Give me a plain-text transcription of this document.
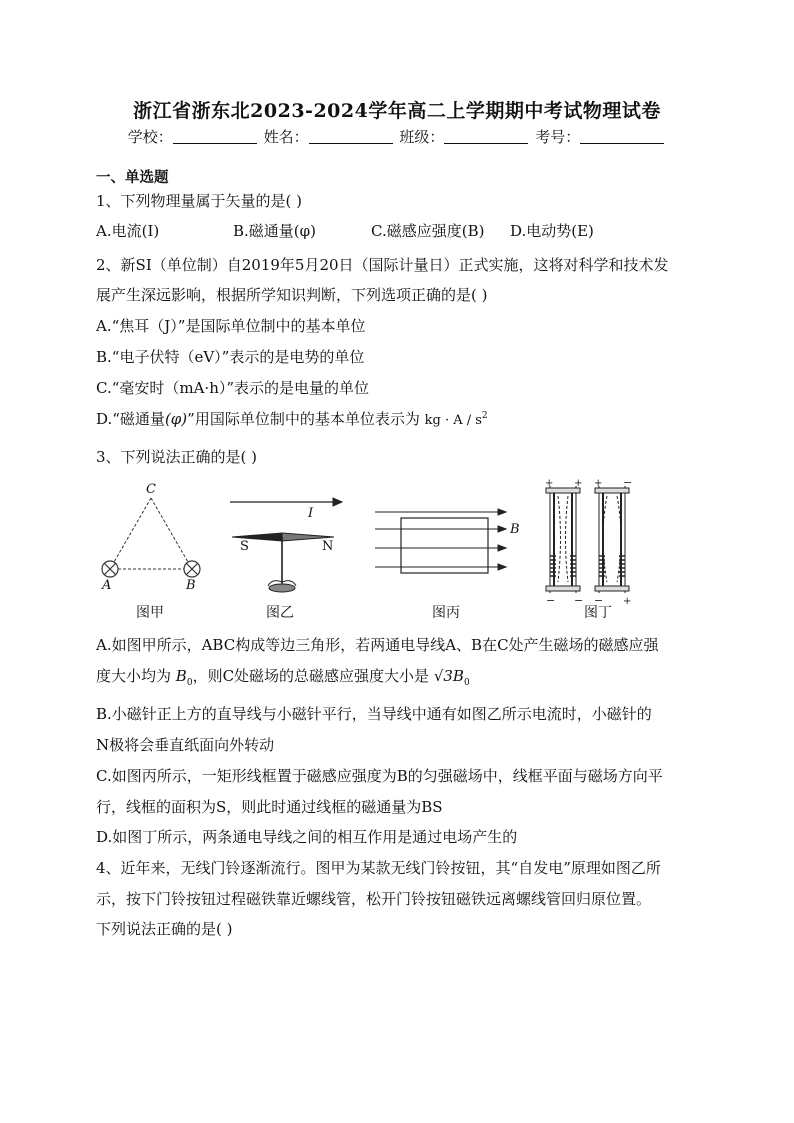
浙江省浙东北2023-2024学年高二上学期期中考试物理试卷
学校：	姓名：	班级：	考号：
一、单选题
1、下列物理量属于矢量的是( )
A.电流(I)	B.磁通量(φ)	C.磁感应强度(B) D.电动势(E)
2、新SI（单位制）自2019年5月20日（国际计量日）正式实施，这将对科学和技术发
展产生深远影响，根据所学知识判断，下列选项正确的是( )
A.“焦耳（J）”是国际单位制中的基本单位
B.“电子伏特（eV）”表示的是电势的单位
C.“毫安时（mA·h）”表示的是电量的单位
D.“磁通量(φ)”用国际单位制中的基本单位表示为 kg · A / $s^2$
3、下列说法正确的是( )
+ +
− −
+ −
− +
C
A	B
I
S	N
B
图甲	图乙	图丙	图丁
A.如图甲所示，ABC构成等边三角形，若两通电导线A、B在C处产生磁场的磁感应强
度大小均为 $B_0$，则C处磁场的总磁感应强度大小是 $√3B_0$
B.小磁针正上方的直导线与小磁针平行，当导线中通有如图乙所示电流时，小磁针的
N极将会垂直纸面向外转动
C.如图丙所示，一矩形线框置于磁感应强度为B的匀强磁场中，线框平面与磁场方向平
行，线框的面积为S，则此时通过线框的磁通量为BS
D.如图丁所示，两条通电导线之间的相互作用是通过电场产生的
4、近年来，无线门铃逐渐流行。图甲为某款无线门铃按钮，其“自发电”原理如图乙所
示，按下门铃按钮过程磁铁靠近螺线管，松开门铃按钮磁铁远离螺线管回归原位置。
下列说法正确的是( )
